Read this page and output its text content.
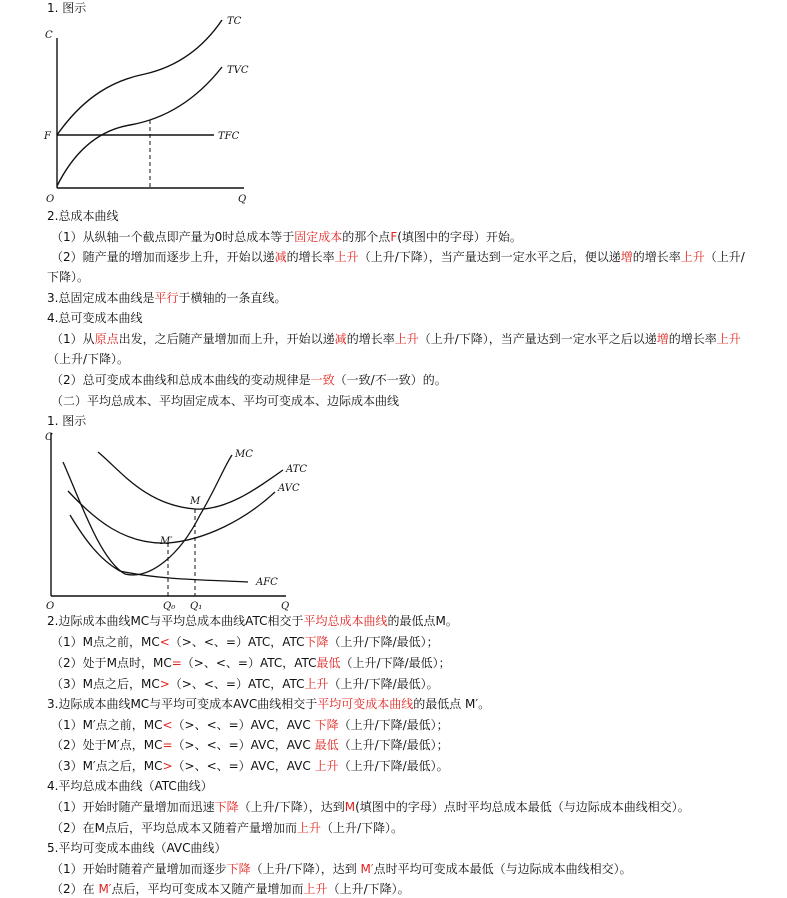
1. 图示
C
Q
O
F
TC
TVC
TFC
C
Q
O
MC
ATC
AVC
AFC
M
M′
Q₀ Q₁
2.总成本曲线
（1）从纵轴一个截点即产量为0时总成本等于固定成本的那个点F(填图中的字母）开始。
（2）随产量的增加而逐步上升，开始以递减的增长率上升（上升/下降），当产量达到一定水平之后，便以递增的增长率上升（上升/
下降）。
3.总固定成本曲线是平行于横轴的一条直线。
4.总可变成本曲线
（1）从原点出发，之后随产量增加而上升，开始以递减的增长率上升（上升/下降），当产量达到一定水平之后以递增的增长率上升
（上升/下降）。
（2）总可变成本曲线和总成本曲线的变动规律是一致（一致/不一致）的。
（二）平均总成本、平均固定成本、平均可变成本、边际成本曲线
1. 图示
2.边际成本曲线MC与平均总成本曲线ATC相交于平均总成本曲线的最低点M。
（1）M点之前，MC<（>、<、=）ATC，ATC下降（上升/下降/最低）；
（2）处于M点时，MC=（>、<、=）ATC，ATC最低（上升/下降/最低）；
（3）M点之后，MC>（>、<、=）ATC，ATC上升（上升/下降/最低）。
3.边际成本曲线MC与平均可变成本AVC曲线相交于平均可变成本曲线的最低点 M′。
（1）M′点之前，MC<（>、<、=）AVC，AVC 下降（上升/下降/最低）；
（2）处于M′点，MC=（>、<、=）AVC，AVC 最低（上升/下降/最低）；
（3）M′点之后，MC>（>、<、=）AVC，AVC 上升（上升/下降/最低）。
4.平均总成本曲线（ATC曲线）
（1）开始时随产量增加而迅速下降（上升/下降），达到M(填图中的字母）点时平均总成本最低（与边际成本曲线相交）。
（2）在M点后，平均总成本又随着产量增加而上升（上升/下降）。
5.平均可变成本曲线（AVC曲线）
（1）开始时随着产量增加而逐步下降（上升/下降），达到 M′点时平均可变成本最低（与边际成本曲线相交）。
（2）在 M′点后，平均可变成本又随产量增加而上升（上升/下降）。
